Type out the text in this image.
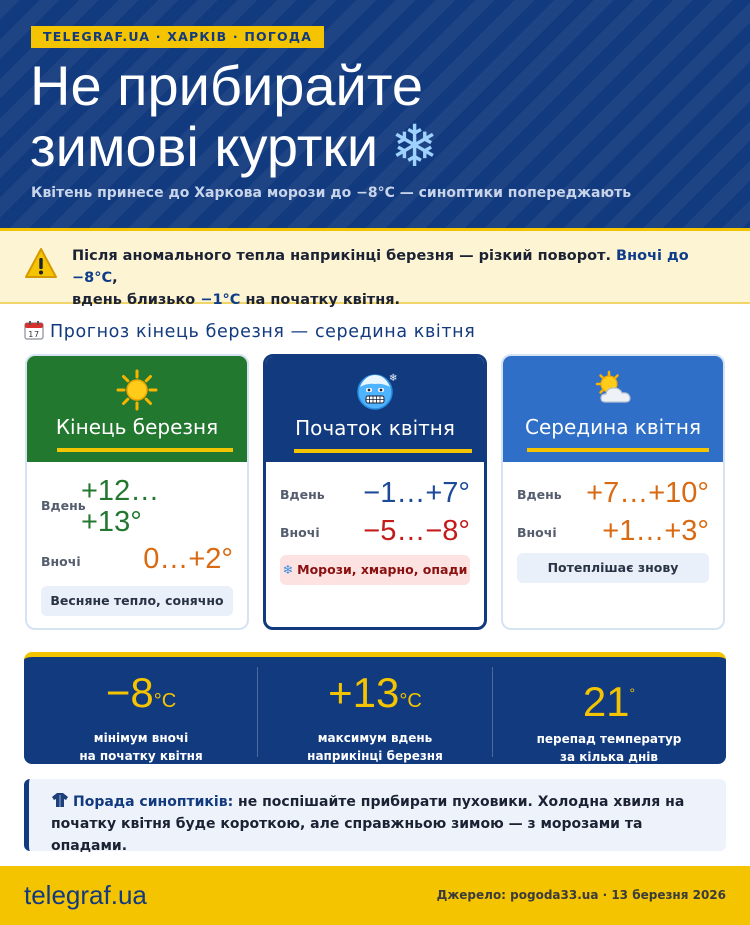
TELEGRAF.UA · ХАРКІВ · ПОГОДА
Не прибирайте
зимові куртки ❄
Квітень принесе до Харкова морози до −8°C — синоптики попереджають
Після аномального тепла наприкінці березня — різкий поворот. Вночі до −8°C,
вдень близько −1°C на початку квітня.
17 Прогноз кінець березня — середина квітня
Кінець березня
Вдень
+12…
+13°
Вночі 0…+2°
Весняне тепло, сонячно
❄
Початок квітня
Вдень −1…+7°
Вночі −5…−8°
❄ Морози, хмарно, опади
Середина квітня
Вдень +7…+10°
Вночі +1…+3°
Потеплішає знову
−8°C
мінімум вночі
на початку квітня
+13°C
максимум вдень
наприкінці березня
21°
перепад температур
за кілька днів
Порада синоптиків: не поспішайте прибирати пуховики. Холодна хвиля на початку квітня буде короткою, але справжньою зимою — з морозами та опадами.
telegraf.ua	Джерело: pogoda33.ua · 13 березня 2026
